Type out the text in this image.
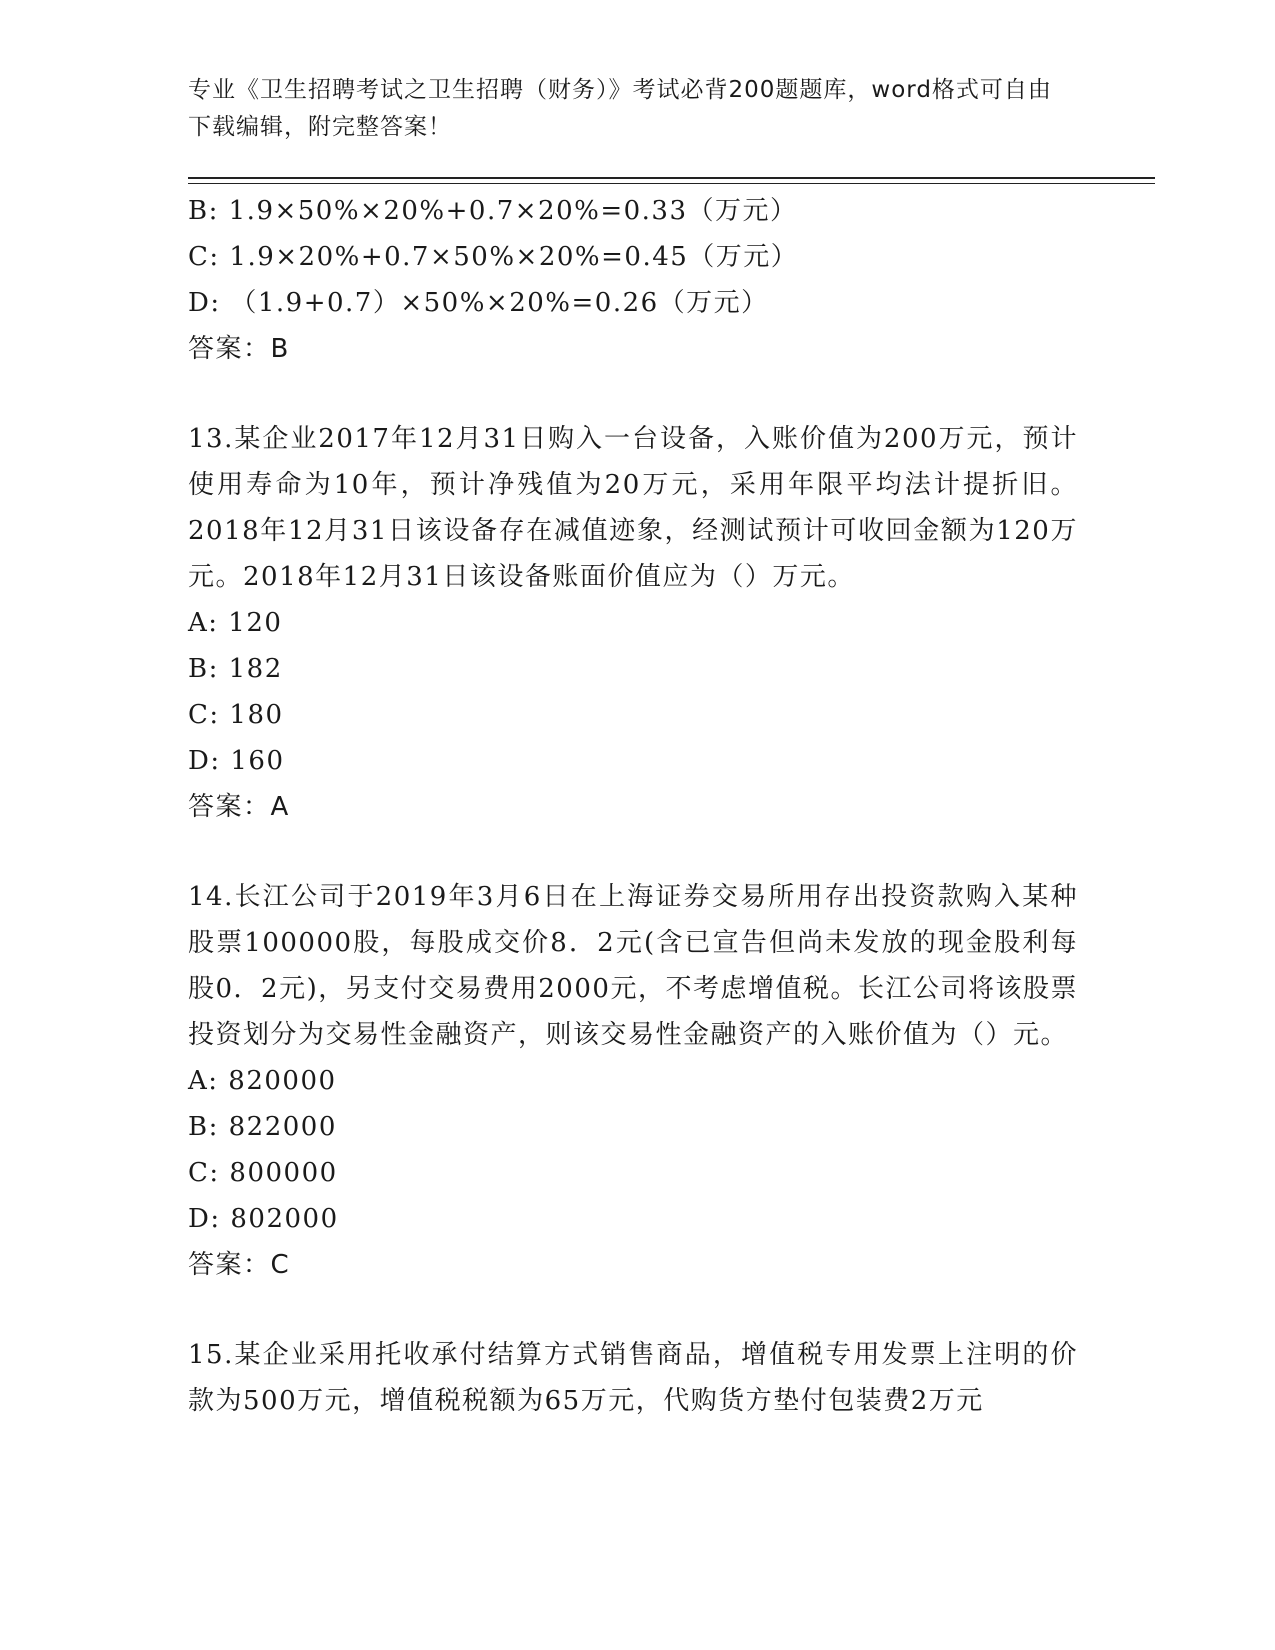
专业《卫生招聘考试之卫生招聘（财务）》考试必背200题题库，word格式可自由下载编辑，附完整答案！
B: 1.9×50%×20%+0.7×20%=0.33（万元）
C: 1.9×20%+0.7×50%×20%=0.45（万元）
D: （1.9+0.7）×50%×20%=0.26（万元）
答案：B

13.某企业2017年12月31日购入一台设备，入账价值为200万元，预计使用寿命为10年，预计净残值为20万元，采用年限平均法计提折旧。2018年12月31日该设备存在减值迹象，经测试预计可收回金额为120万元。2018年12月31日该设备账面价值应为（）万元。

A: 120
B: 182
C: 180
D: 160
答案：A

14.长江公司于2019年3月6日在上海证券交易所用存出投资款购入某种股票100000股，每股成交价8．2元(含已宣告但尚未发放的现金股利每股0．2元)，另支付交易费用2000元，不考虑增值税。长江公司将该股票投资划分为交易性金融资产，则该交易性金融资产的入账价值为（）元。

A: 820000
B: 822000
C: 800000
D: 802000
答案：C

15.某企业采用托收承付结算方式销售商品，增值税专用发票上注明的价款为500万元，增值税税额为65万元，代购货方垫付包装费2万元
